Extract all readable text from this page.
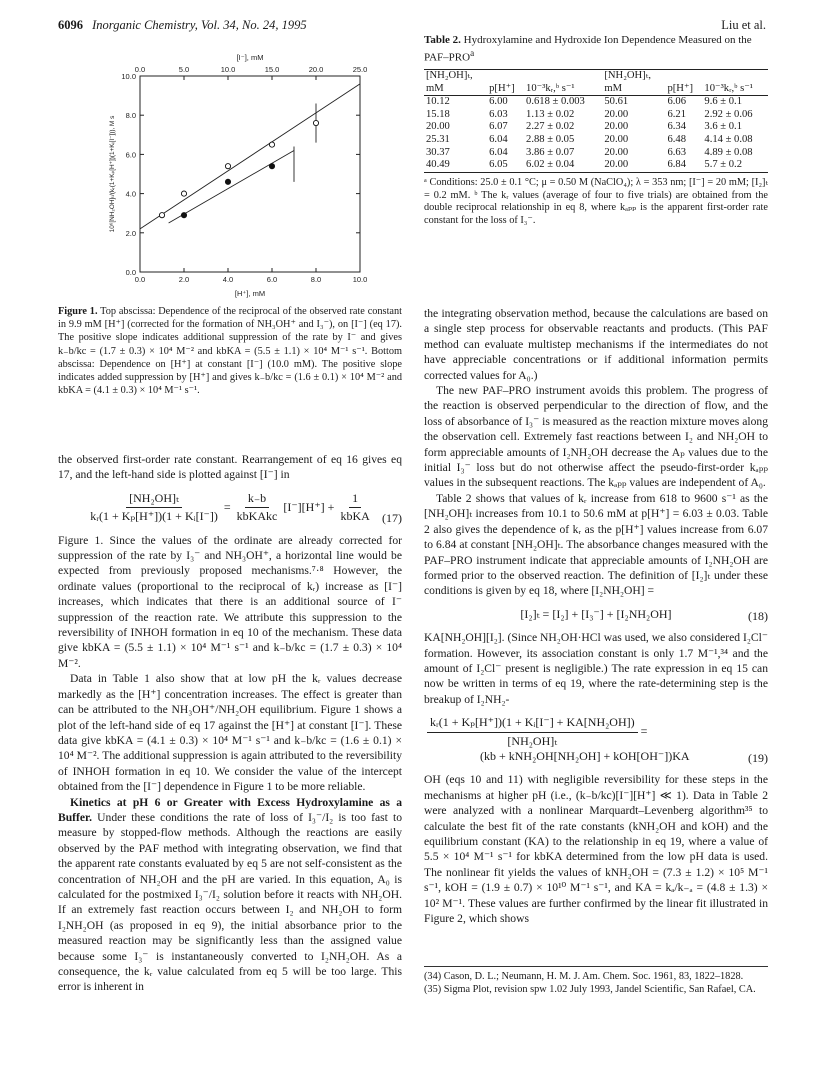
6096 Inorganic Chemistry, Vol. 34, No. 24, 1995	Liu et al.
0.0	2.0	4.0	6.0	8.0	10.0
0.0	5.0	10.0	15.0	20.0	25.0
0.0
2.0
4.0
6.0
8.0
10.0
[I⁻], mM
[H⁺], mM
10⁶[NH₂OH]ₜ/(kᵣ(1+Kₚ[H⁺])(1+Kᵢ[I⁻])), M s
Figure 1. Top abscissa: Dependence of the reciprocal of the observed rate constant in 9.9 mM [H⁺] (corrected for the formation of NH₃OH⁺ and I₃⁻), on [I⁻] (eq 17). The positive slope indicates additional suppression of the rate by I⁻ and gives k₋b/kc = (1.7 ± 0.3) × 10⁴ M⁻² and kbKA = (5.5 ± 1.1) × 10⁴ M⁻¹ s⁻¹. Bottom abscissa: Dependence on [H⁺] at constant [I⁻] (10.0 mM). The positive slope indicates added suppression by [H⁺] and gives k₋b/kc = (1.6 ± 0.1) × 10⁴ M⁻² and kbKA = (4.1 ± 0.3) × 10⁴ M⁻¹ s⁻¹.

the observed first-order rate constant. Rearrangement of eq 16 gives eq 17, and the left-hand side is plotted against [I⁻] in

$\frac{\text{[NH₂OH]ₜ}}{\text{kᵣ(1 + Kₚ[H⁺])(1 + Kᵢ[I⁻])}} = \frac{k_-b}{\text{kbKAkc}} [I^-][H^+] + \frac{1}{\text{kbKA}} (17)$

Figure 1. Since the values of the ordinate are already corrected for suppression of the rate by I₃⁻ and NH₃OH⁺, a horizontal line would be expected from previously proposed mechanisms.⁷·⁸ However, the ordinate values (proportional to the reciprocal of kᵣ) increase as [I⁻] increases, which indicates that there is an additional source of I⁻ suppression of the reaction rate. We attribute this suppression to the reversibility of INHOH formation in eq 10 of the mechanism. These data give kbKA = (5.5 ± 1.1) × 10⁴ M⁻¹ s⁻¹ and k₋b/kc = (1.7 ± 0.3) × 10⁴ M⁻².

Data in Table 1 also show that at low pH the kᵣ values decrease markedly as the [H⁺] concentration increases. The effect is greater than can be attributed to the NH₃OH⁺/NH₂OH equilibrium. Figure 1 shows a plot of the left-hand side of eq 17 against the [H⁺] at constant [I⁻]. These data give kbKA = (4.1 ± 0.3) × 10⁴ M⁻¹ s⁻¹ and k₋b/kc = (1.6 ± 0.1) × 10⁴ M⁻². The additional suppression is again attributed to the reversibility of INHOH formation in eq 10. We consider the value of the intercept obtained from the [I⁻] dependence in Figure 1 to be more reliable.

Kinetics at pH 6 or Greater with Excess Hydroxylamine as a Buffer. Under these conditions the rate of loss of I₃⁻/I₂ is too fast to measure by stopped-flow methods. Although the reactions are easily observed by the PAF method with integrating observation, we find that the apparent rate constants evaluated by eq 5 are not self-consistent as the concentration of NH₂OH and the pH are varied. In this equation, A₀ is calculated for the postmixed I₃⁻/I₂ solution before it reacts with NH₂OH. If an extremely fast reaction occurs between I₂ and NH₂OH to form I₂NH₂OH (as proposed in eq 9), the initial absorbance prior to the measured reaction may be significantly less than the assigned value because some I₃⁻ is instantaneously converted to I₂NH₂OH. As a consequence, the kᵣ value calculated from eq 5 will be too large. This error is inherent in

Table 2. Hydroxylamine and Hydroxide Ion Dependence Measured on the PAF–PRO$^a$
[NH₂OH]ₜ,			[NH₂OH]ₜ,		
mM	p[H⁺]	10⁻³kᵣ,ᵇ s⁻¹	mM	p[H⁺]	10⁻³kᵣ,ᵇ s⁻¹
10.12	6.00	0.618 ± 0.003	50.61	6.06	9.6 ± 0.1
15.18	6.03	1.13 ± 0.02	20.00	6.21	2.92 ± 0.06
20.00	6.07	2.27 ± 0.02	20.00	6.34	3.6 ± 0.1
25.31	6.04	2.88 ± 0.05	20.00	6.48	4.14 ± 0.08
30.37	6.04	3.86 ± 0.07	20.00	6.63	4.89 ± 0.08
40.49	6.05	6.02 ± 0.04	20.00	6.84	5.7 ± 0.2
ᵃ Conditions: 25.0 ± 0.1 °C; μ = 0.50 M (NaClO₄); λ = 353 nm; [I⁻] = 20 mM; [I₂]ₜ = 0.2 mM. ᵇ The kᵣ values (average of four to five trials) are obtained from the double reciprocal relationship in eq 8, where kₐₚₚ is the apparent first-order rate constant for the loss of I₃⁻.

the integrating observation method, because the calculations are based on a single step process for observable reactants and products. (This PAF method can evaluate multistep mechanisms if the intermediates do not have appreciable concentrations or if additional information permits corrected values for A₀.)

The new PAF–PRO instrument avoids this problem. The progress of the reaction is observed perpendicular to the direction of flow, and the loss of absorbance of I₃⁻ is measured as the reaction mixture moves along the observation cell. Extremely fast reactions between I₂ and NH₂OH to form appreciable amounts of I₂NH₂OH decrease the Aₚ values due to the initial I₃⁻ loss but do not otherwise affect the pseudo-first-order kₐₚₚ values in the subsequent reactions. The kₐₚₚ values are independent of A₀.

Table 2 shows that values of kᵣ increase from 618 to 9600 s⁻¹ as the [NH₂OH]ₜ increases from 10.1 to 50.6 mM at p[H⁺] = 6.03 ± 0.03. Table 2 also gives the dependence of kᵣ as the p[H⁺] values increase from 6.07 to 6.84 at constant [NH₂OH]ₜ. The absorbance changes measured with the PAF–PRO instrument indicate that appreciable amounts of I₂NH₂OH are formed prior to the observed reaction. The definition of [I₂]ₜ under these conditions is given by eq 18, where [I₂NH₂OH] =

[I₂]ₜ = [I₂] + [I₃⁻] + [I₂NH₂OH]	(18)

KA[NH₂OH][I₂]. (Since NH₂OH·HCl was used, we also considered I₂Cl⁻ formation. However, its association constant is only 1.7 M⁻¹,³⁴ and the amount of I₂Cl⁻ present is negligible.) The rate expression in eq 15 can now be written in terms of eq 19, where the rate-determining step is the breakup of I₂NH₂-

$\frac{\text{kᵣ(1 + Kₚ[H⁺])(1 + Kᵢ[I⁻] + KA[NH₂OH])}}{\text{[NH₂OH]ₜ}}$ =
(kb + kNH₂OH[NH₂OH] + kOH[OH⁻])KA	(19)

OH (eqs 10 and 11) with negligible reversibility for these steps in the mechanisms at higher pH (i.e., (k₋b/kc)[I⁻][H⁺] ≪ 1). Data in Table 2 were analyzed with a nonlinear Marquardt–Levenberg algorithm³⁵ to calculate the best fit of the rate constants (kNH₂OH and kOH) and the equilibrium constant (KA) to the relationship in eq 19, where a value of 5.5 × 10⁴ M⁻¹ s⁻¹ for kbKA determined from the low pH data is used. The nonlinear fit yields the values of kNH₂OH = (7.3 ± 1.2) × 10⁵ M⁻¹ s⁻¹, kOH = (1.9 ± 0.7) × 10¹⁰ M⁻¹ s⁻¹, and KA = kₐ/k₋ₐ = (4.8 ± 1.3) × 10² M⁻¹. These values are further confirmed by the linear fit illustrated in Figure 2, which shows

(34) Cason, D. L.; Neumann, H. M. J. Am. Chem. Soc. 1961, 83, 1822–1828.
(35) Sigma Plot, revision spw 1.02 July 1993, Jandel Scientific, San Rafael, CA.
